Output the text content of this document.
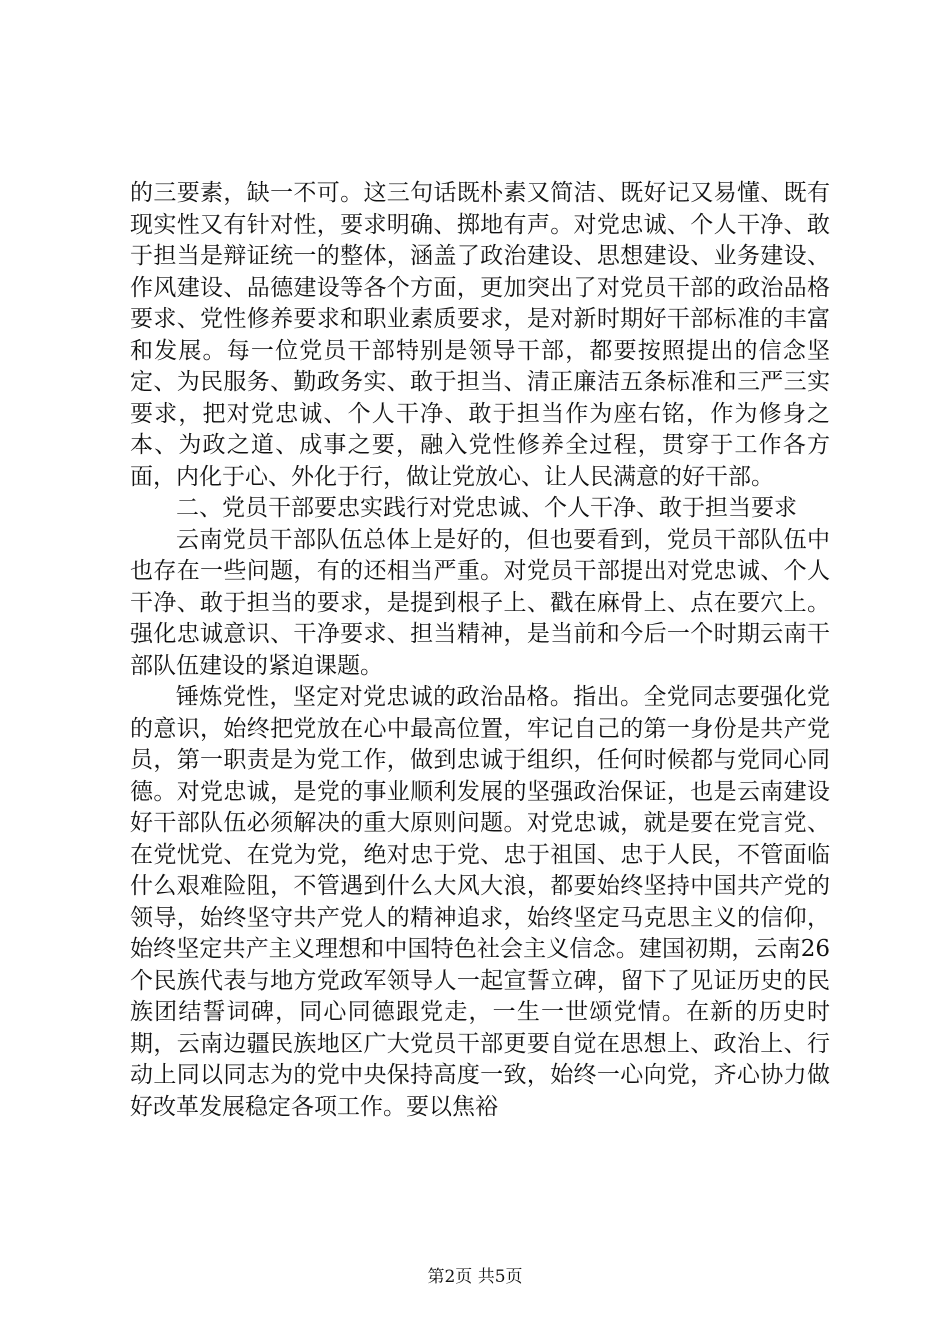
的三要素，缺一不可。这三句话既朴素又简洁、既好记又易懂、既有现实性又有针对性，要求明确、掷地有声。对党忠诚、个人干净、敢于担当是辩证统一的整体，涵盖了政治建设、思想建设、业务建设、作风建设、品德建设等各个方面，更加突出了对党员干部的政治品格要求、党性修养要求和职业素质要求，是对新时期好干部标准的丰富和发展。每一位党员干部特别是领导干部，都要按照提出的信念坚定、为民服务、勤政务实、敢于担当、清正廉洁五条标准和三严三实要求，把对党忠诚、个人干净、敢于担当作为座右铭，作为修身之本、为政之道、成事之要，融入党性修养全过程，贯穿于工作各方面，内化于心、外化于行，做让党放心、让人民满意的好干部。

二、党员干部要忠实践行对党忠诚、个人干净、敢于担当要求

云南党员干部队伍总体上是好的，但也要看到，党员干部队伍中也存在一些问题，有的还相当严重。对党员干部提出对党忠诚、个人干净、敢于担当的要求，是提到根子上、戳在麻骨上、点在要穴上。强化忠诚意识、干净要求、担当精神，是当前和今后一个时期云南干部队伍建设的紧迫课题。

锤炼党性，坚定对党忠诚的政治品格。指出。全党同志要强化党的意识，始终把党放在心中最高位置，牢记自己的第一身份是共产党员，第一职责是为党工作，做到忠诚于组织，任何时候都与党同心同德。对党忠诚，是党的事业顺利发展的坚强政治保证，也是云南建设好干部队伍必须解决的重大原则问题。对党忠诚，就是要在党言党、在党忧党、在党为党，绝对忠于党、忠于祖国、忠于人民，不管面临什么艰难险阻，不管遇到什么大风大浪，都要始终坚持中国共产党的领导，始终坚守共产党人的精神追求，始终坚定马克思主义的信仰，始终坚定共产主义理想和中国特色社会主义信念。建国初期，云南26个民族代表与地方党政军领导人一起宣誓立碑，留下了见证历史的民族团结誓词碑，同心同德跟党走，一生一世颂党情。在新的历史时期，云南边疆民族地区广大党员干部更要自觉在思想上、政治上、行动上同以同志为的党中央保持高度一致，始终一心向党，齐心协力做好改革发展稳定各项工作。要以焦裕

第2页 共5页
